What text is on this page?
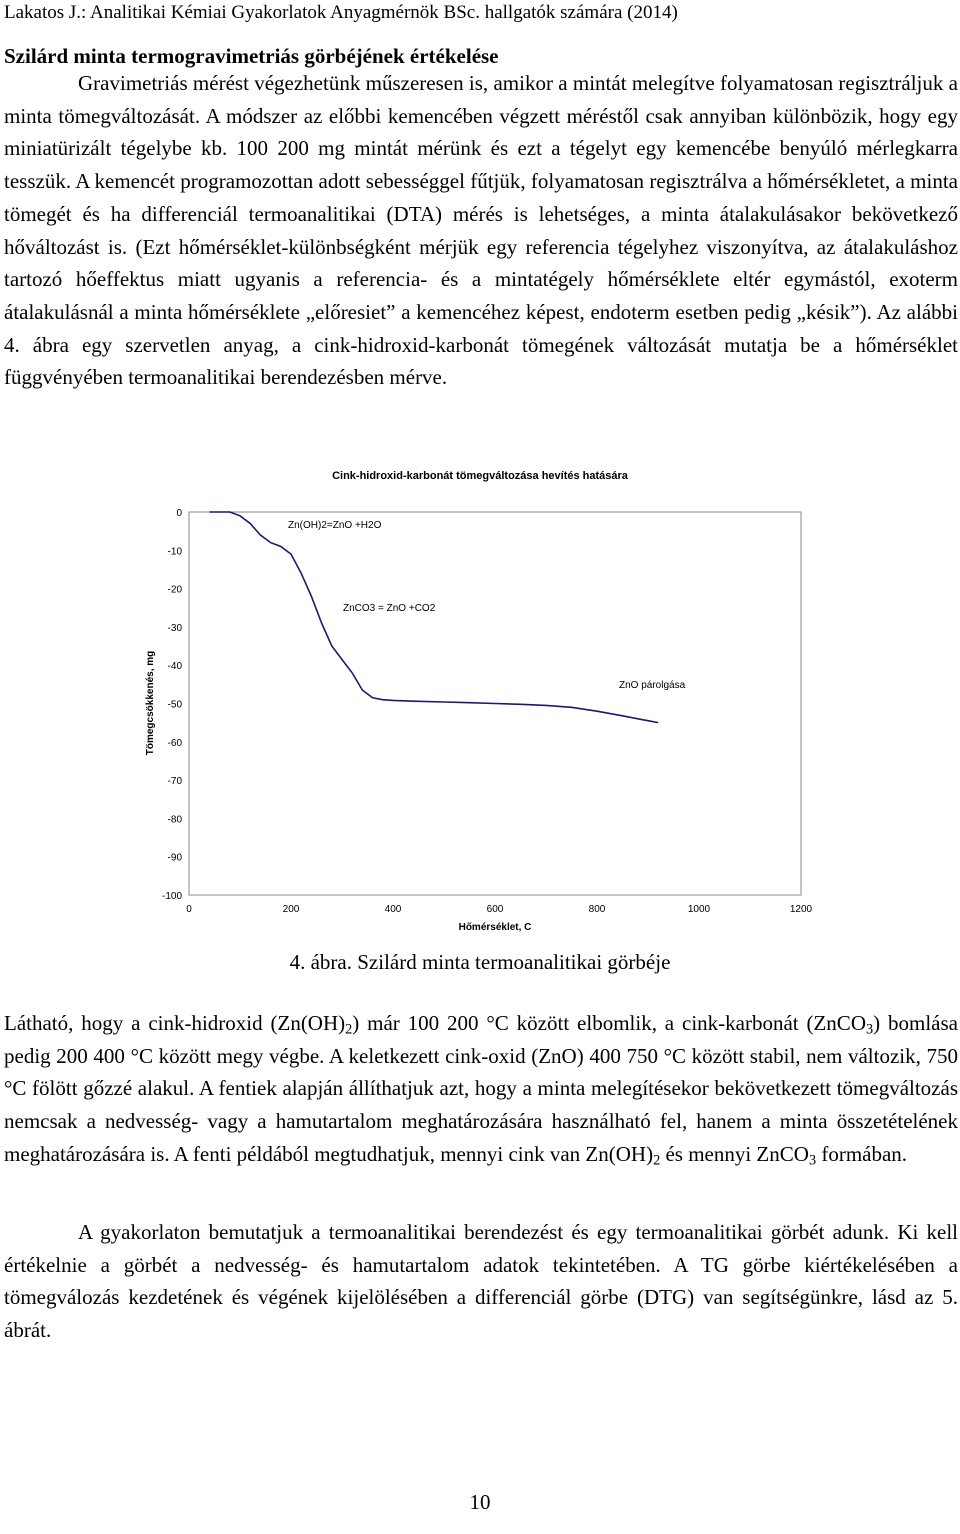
Lakatos J.: Analitikai Kémiai Gyakorlatok Anyagmérnök BSc. hallgatók számára (2014)
Szilárd minta termogravimetriás görbéjének értékelése

Gravimetriás mérést végezhetünk műszeresen is, amikor a mintát melegítve folyamatosan regisztráljuk a minta tömegváltozását. A módszer az előbbi kemencében végzett méréstől csak annyiban különbözik, hogy egy miniatürizált tégelybe kb. 100 200 mg mintát mérünk és ezt a tégelyt egy kemencébe benyúló mérlegkarra tesszük. A kemencét programozottan adott sebességgel fűtjük, folyamatosan regisztrálva a hőmérsékletet, a minta tömegét és ha differenciál termoanalitikai (DTA) mérés is lehetséges, a minta átalakulásakor bekövetkező hőváltozást is. (Ezt hőmérséklet-különbségként mérjük egy referencia tégelyhez viszonyítva, az átalakuláshoz tartozó hőeffektus miatt ugyanis a referencia- és a mintatégely hőmérséklete eltér egymástól, exoterm átalakulásnál a minta hőmérséklete „előresiet” a kemencéhez képest, endoterm esetben pedig „késik”). Az alábbi 4. ábra egy szervetlen anyag, a cink-hidroxid-karbonát tömegének változását mutatja be a hőmérséklet függvényében termoanalitikai berendezésben mérve.

Cink-hidroxid-karbonát tömegváltozása hevítés hatására
0
-10
-20
-30
-40
-50
-60
-70
-80
-90
-100
0	200	400	600	800	1000	1200
Zn(OH)2=ZnO +H2O
ZnCO3 = ZnO +CO2
ZnO párolgása
Hőmérséklet, C
Tömegcsökkenés, mg
4. ábra. Szilárd minta termoanalitikai görbéje

Látható, hogy a cink-hidroxid $(Zn(OH)_2)$ már 100 200 °C között elbomlik, a cink-karbonát (ZnCO$_3$) bomlása pedig 200 400 °C között megy végbe. A keletkezett cink-oxid (ZnO) 400 750 °C között stabil, nem változik, 750 °C fölött gőzzé alakul. A fentiek alapján állíthatjuk azt, hogy a minta melegítésekor bekövetkezett tömegváltozás nemcsak a nedvesség- vagy a hamutartalom meghatározására használható fel, hanem a minta összetételének meghatározására is. A fenti példából megtudhatjuk, mennyi cink van $Zn(OH)_2$ és mennyi ZnCO$_3$ formában.

A gyakorlaton bemutatjuk a termoanalitikai berendezést és egy termoanalitikai görbét adunk. Ki kell értékelnie a görbét a nedvesség- és hamutartalom adatok tekintetében. A TG görbe kiértékelésében a tömegválozás kezdetének és végének kijelölésében a differenciál görbe (DTG) van segítségünkre, lásd az 5. ábrát.

10
